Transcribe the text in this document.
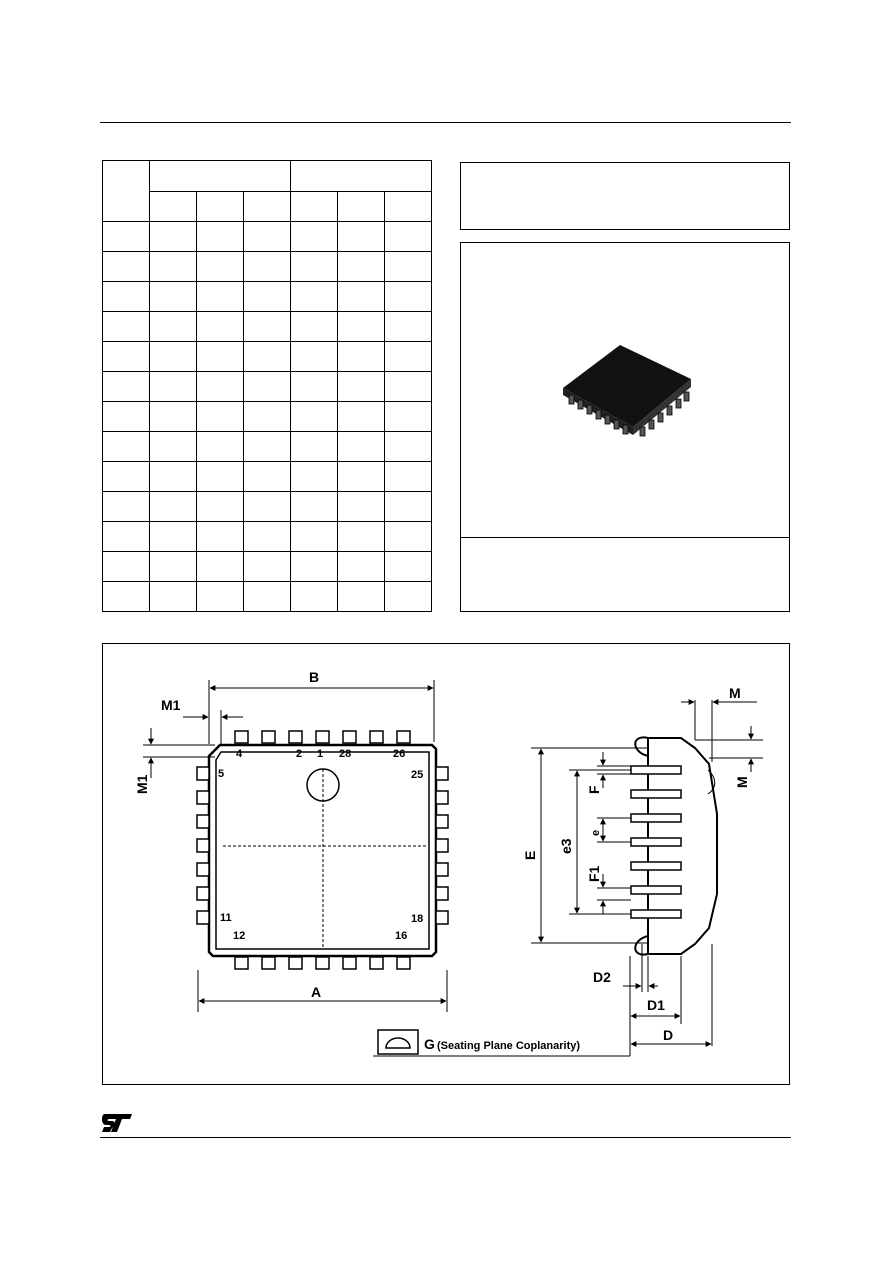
4	2 1 28	26
5	25
11
12
18
16
B
A
M1
M1
E
e3
e
F
F1
M
M
D2
D1
D
G (Seating Plane Coplanarity)
